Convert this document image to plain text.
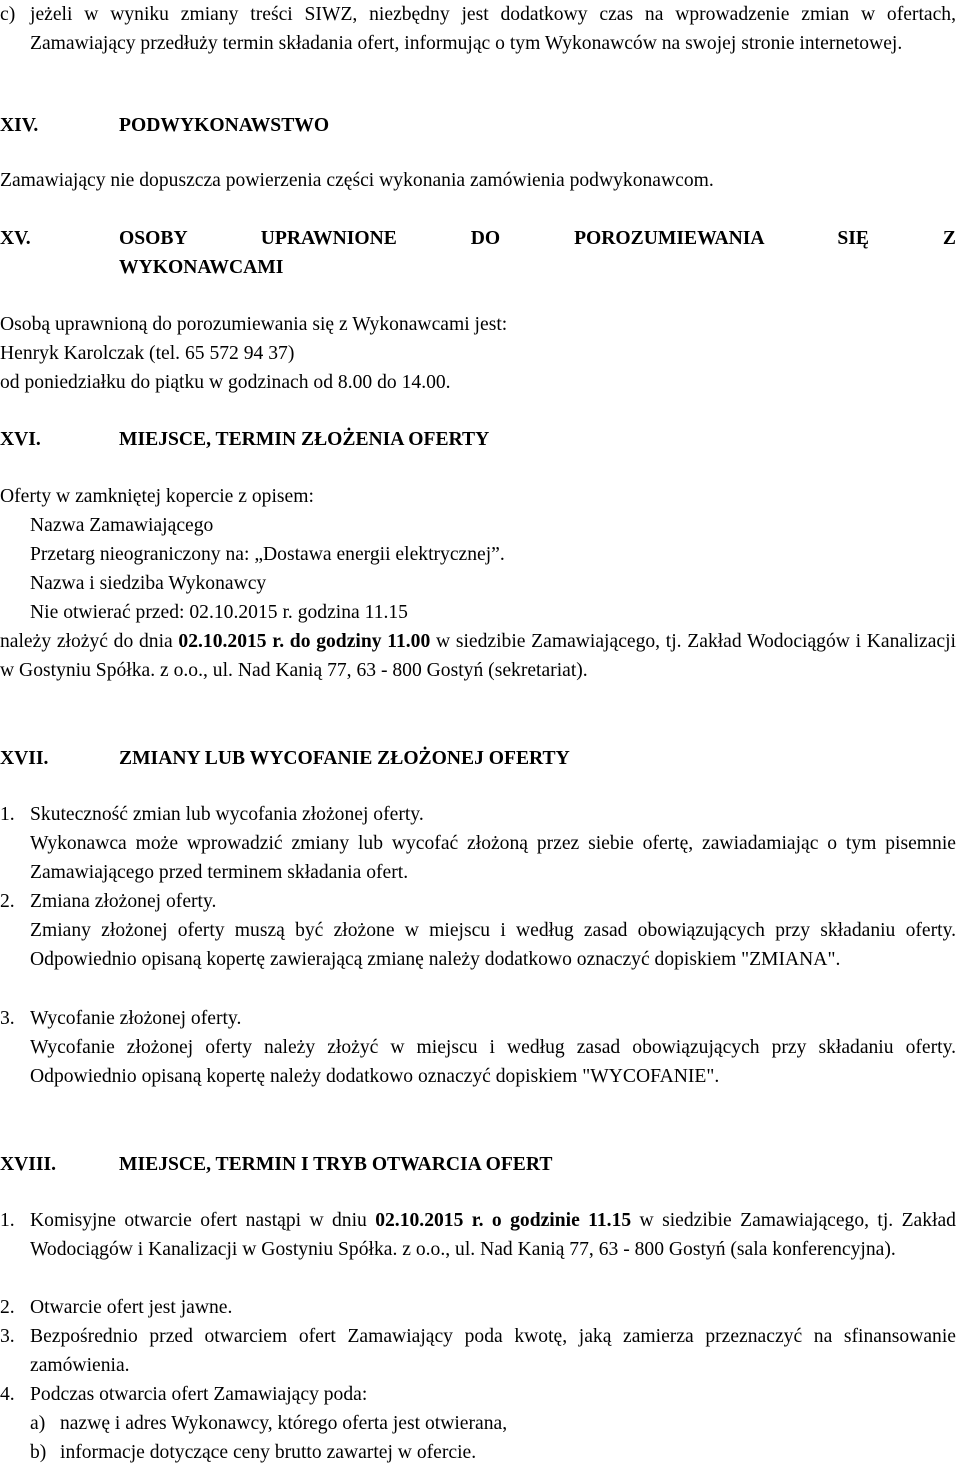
c) jeżeli w wyniku zmiany treści SIWZ, niezbędny jest dodatkowy czas na wprowadzenie zmian w ofertach, Zamawiający przedłuży termin składania ofert, informując o tym Wykonawców na swojej stronie internetowej.
XIV.	PODWYKONAWSTWO

Zamawiający nie dopuszcza powierzenia części wykonania zamówienia podwykonawcom.

XV.	OSOBY UPRAWNIONE DO POROZUMIEWANIA SIĘ Z
WYKONAWCAMI

Osobą uprawnioną do porozumiewania się z Wykonawcami jest:

Henryk Karolczak (tel. 65 572 94 37)

od poniedziałku do piątku w godzinach od 8.00 do 14.00.

XVI.	MIEJSCE, TERMIN ZŁOŻENIA OFERTY

Oferty w zamkniętej kopercie z opisem:

Nazwa Zamawiającego

Przetarg nieograniczony na: „Dostawa energii elektrycznej”.

Nazwa i siedziba Wykonawcy

Nie otwierać przed: 02.10.2015 r. godzina 11.15

należy złożyć do dnia 02.10.2015 r. do godziny 11.00 w siedzibie Zamawiającego, tj. Zakład Wodociągów i Kanalizacji w Gostyniu Spółka. z o.o., ul. Nad Kanią 77, 63 - 800 Gostyń (sekretariat).

XVII.	ZMIANY LUB WYCOFANIE ZŁOŻONEJ OFERTY
1. Skuteczność zmian lub wycofania złożonej oferty.

Wykonawca może wprowadzić zmiany lub wycofać złożoną przez siebie ofertę, zawiadamiając o tym pisemnie Zamawiającego przed terminem składania ofert.

2. Zmiana złożonej oferty.

Zmiany złożonej oferty muszą być złożone w miejscu i według zasad obowiązujących przy składaniu oferty. Odpowiednio opisaną kopertę zawierającą zmianę należy dodatkowo oznaczyć dopiskiem "ZMIANA".

3. Wycofanie złożonej oferty.

Wycofanie złożonej oferty należy złożyć w miejscu i według zasad obowiązujących przy składaniu oferty. Odpowiednio opisaną kopertę należy dodatkowo oznaczyć dopiskiem "WYCOFANIE".

XVIII.	MIEJSCE, TERMIN I TRYB OTWARCIA OFERT
1. Komisyjne otwarcie ofert nastąpi w dniu 02.10.2015 r. o godzinie 11.15 w siedzibie Zamawiającego, tj. Zakład Wodociągów i Kanalizacji w Gostyniu Spółka. z o.o., ul. Nad Kanią 77, 63 - 800 Gostyń (sala konferencyjna).
2. Otwarcie ofert jest jawne.
3. Bezpośrednio przed otwarciem ofert Zamawiający poda kwotę, jaką zamierza przeznaczyć na sfinansowanie zamówienia.
4. Podczas otwarcia ofert Zamawiający poda:
a) nazwę i adres Wykonawcy, którego oferta jest otwierana,
b) informacje dotyczące ceny brutto zawartej w ofercie.
